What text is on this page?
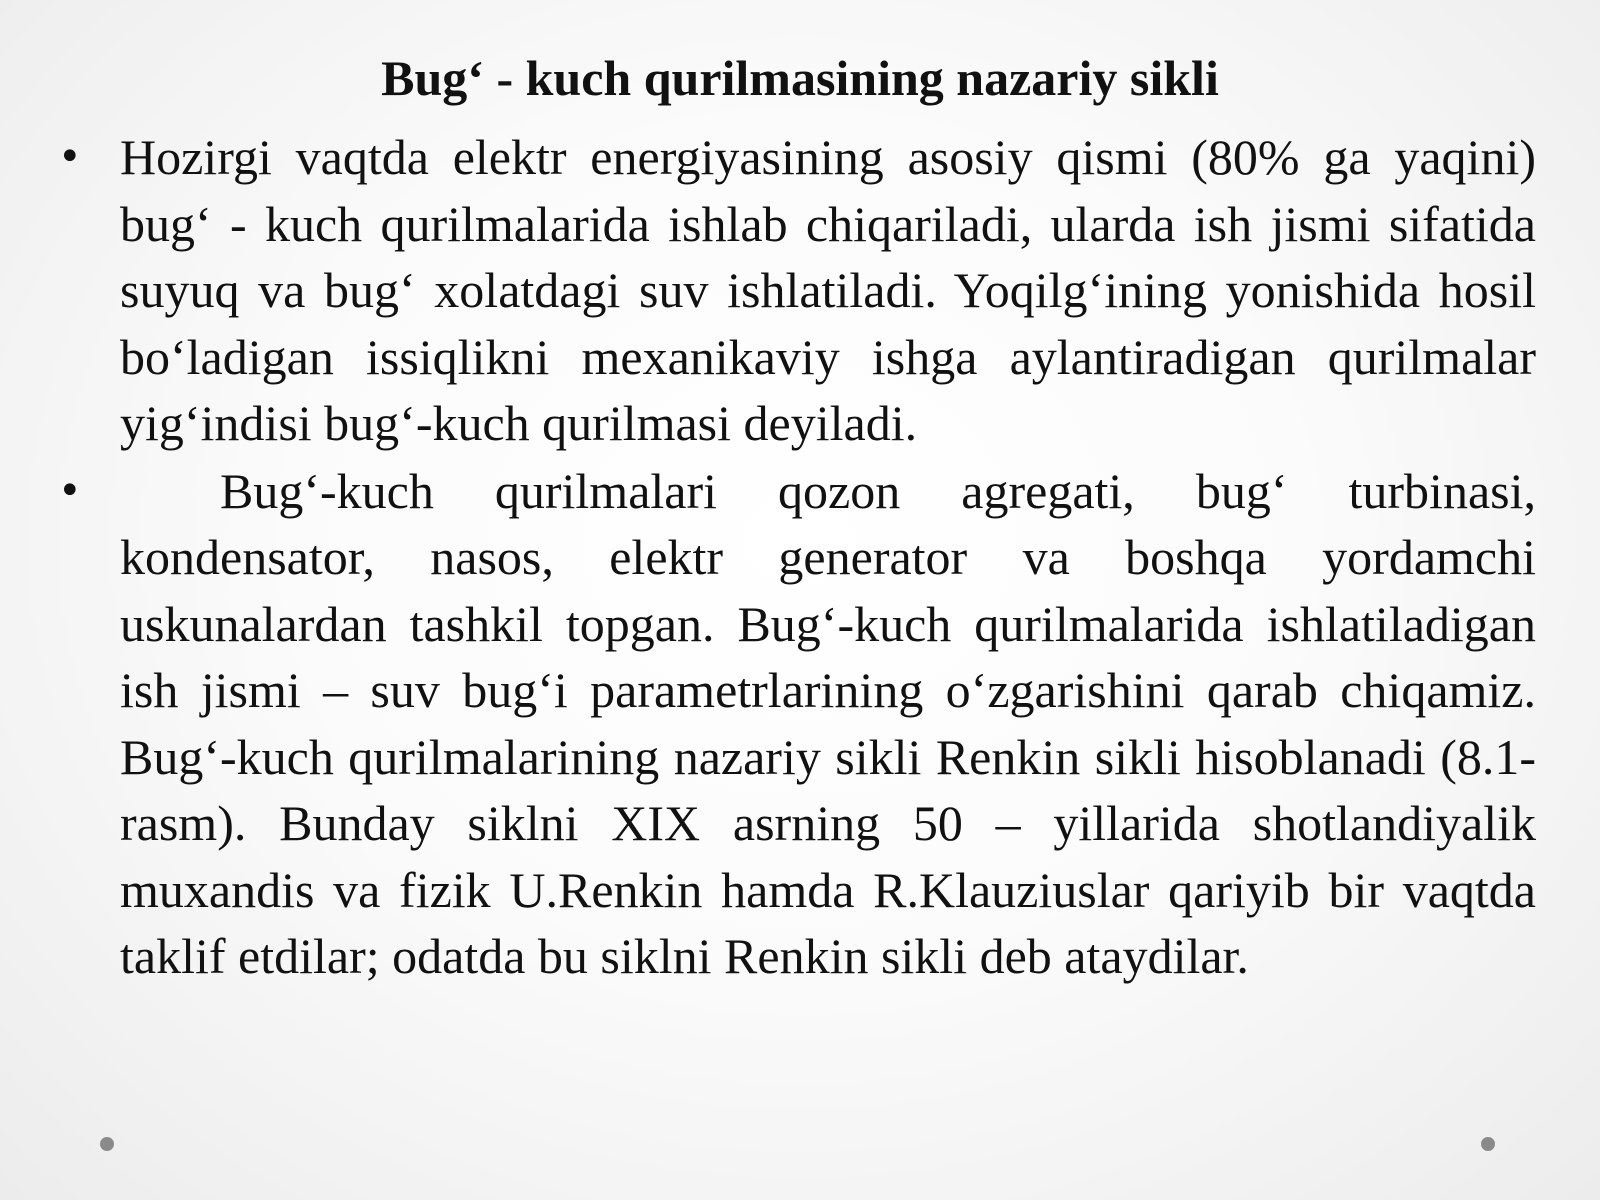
Bug‘ - kuch qurilmasining nazariy sikli
• Hozirgi vaqtda elektr energiyasining asosiy qismi (80% ga yaqini) bug‘ - kuch qurilmalarida ishlab chiqariladi, ularda ish jismi sifatida suyuq va bug‘ xolatdagi suv ishlatiladi. Yoqilg‘ining yonishida hosil bo‘ladigan issiqlikni mexanikaviy ishga aylantiradigan qurilmalar yig‘indisi bug‘-kuch qurilmasi deyiladi.
•	Bug‘-kuch qurilmalari qozon agregati, bug‘ turbinasi, kondensator, nasos, elektr generator va boshqa yordamchi uskunalardan tashkil topgan. Bug‘-kuch qurilmalarida ishlatiladigan ish jismi – suv bug‘i parametrlarining o‘zgarishini qarab chiqamiz. Bug‘-kuch qurilmalarining nazariy sikli Renkin sikli hisoblanadi (8.1-rasm). Bunday siklni XIX asrning 50 – yillarida shotlandiyalik muxandis va fizik U.Renkin hamda R.Klauziuslar qariyib bir vaqtda taklif etdilar; odatda bu siklni Renkin sikli deb ataydilar.
